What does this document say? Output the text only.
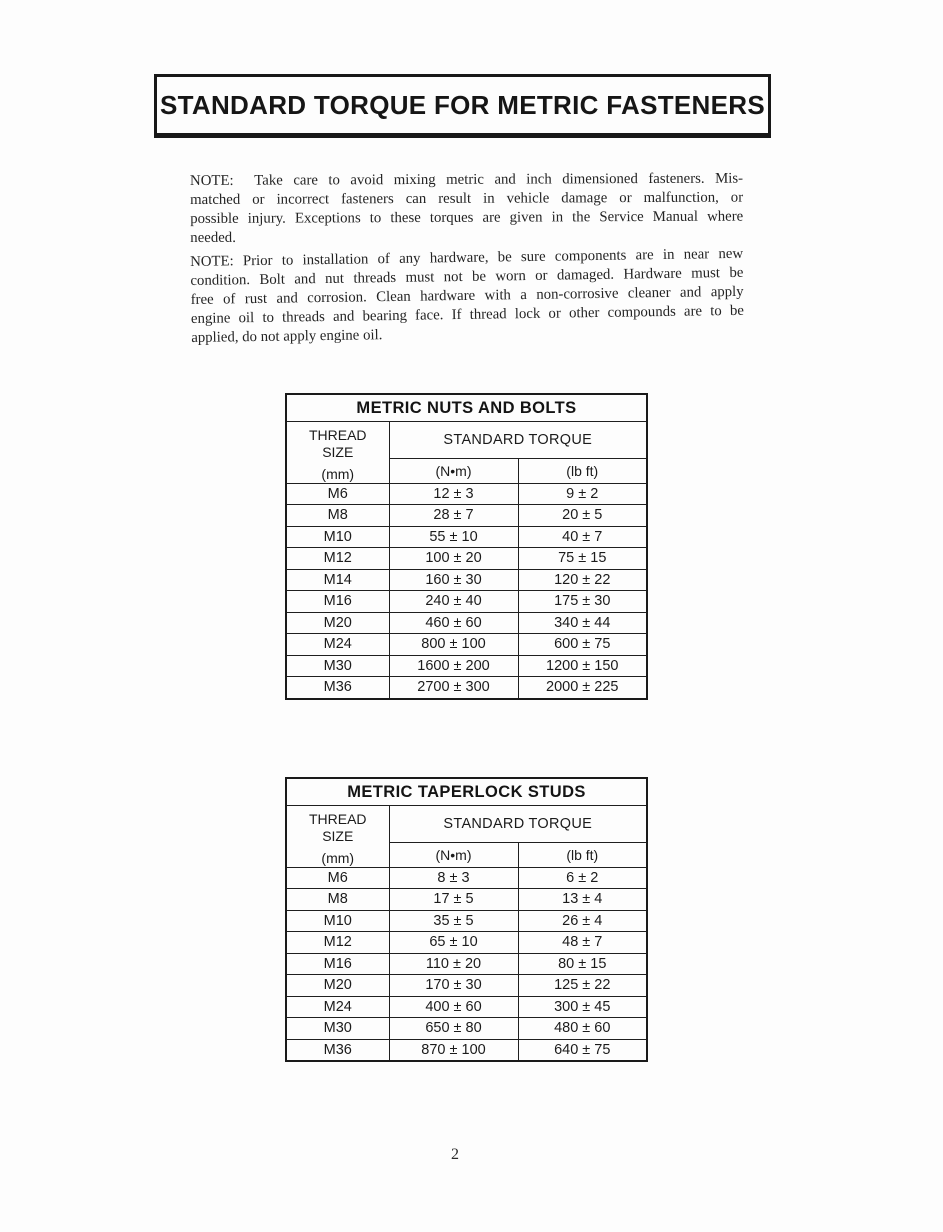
STANDARD TORQUE FOR METRIC FASTENERS
NOTE:  Take care to avoid mixing metric and inch dimensioned fasteners. Mis-
matched or incorrect fasteners can result in vehicle damage or malfunction, or
possible injury. Exceptions to these torques are given in the Service Manual where
needed.
NOTE: Prior to installation of any hardware, be sure components are in near new
condition. Bolt and nut threads must not be worn or damaged. Hardware must be
free of rust and corrosion. Clean hardware with a non-corrosive cleaner and apply
engine oil to threads and bearing face. If thread lock or other compounds are to be
applied, do not apply engine oil.
METRIC NUTS AND BOLTS		

THREAD
SIZE
(mm)	STANDARD TORQUE	
	(N•m)	(lb ft)
M6	12 ± 3	9 ± 2
M8	28 ± 7	20 ± 5
M10	55 ± 10	40 ± 7
M12	100 ± 20	75 ± 15
M14	160 ± 30	120 ± 22
M16	240 ± 40	175 ± 30
M20	460 ± 60	340 ± 44
M24	800 ± 100	600 ± 75
M30	1600 ± 200	1200 ± 150
M36	2700 ± 300	2000 ± 225
METRIC TAPERLOCK STUDS		

THREAD
SIZE
(mm)	STANDARD TORQUE	
	(N•m)	(lb ft)
M6	8 ± 3	6 ± 2
M8	17 ± 5	13 ± 4
M10	35 ± 5	26 ± 4
M12	65 ± 10	48 ± 7
M16	110 ± 20	80 ± 15
M20	170 ± 30	125 ± 22
M24	400 ± 60	300 ± 45
M30	650 ± 80	480 ± 60
M36	870 ± 100	640 ± 75
2
